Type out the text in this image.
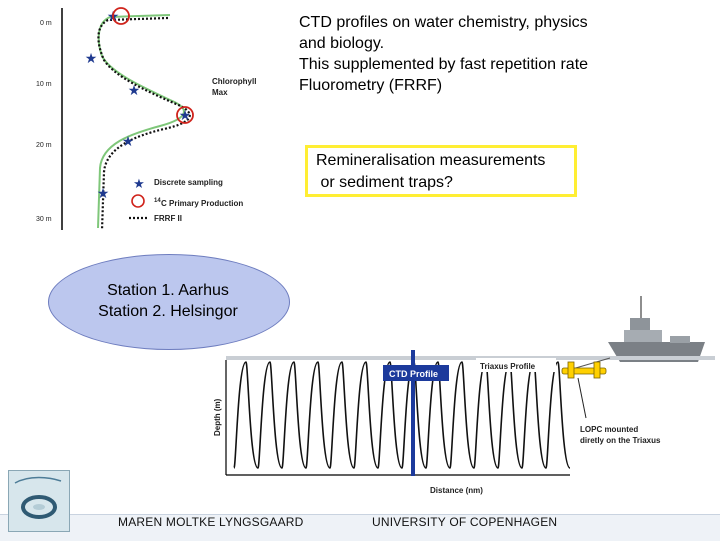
CTD profiles on water chemistry, physics
and biology.
This supplemented by fast repetition rate
Fluorometry (FRRF)
Remineralisation measurements
or sediment traps?
Station 1. Aarhus
Station 2. Helsingor
0 m
10 m
20 m
30 m
★
★
★
★
★
★
Chlorophyll
Max
★ Discrete sampling
14 C Primary Production
FRRF II
Depth (m)
Distance (nm)
CTD Profile
Triaxus Profile
LOPC mounted
diretly on the Triaxus
MAREN MOLTKE LYNGSGAARD	UNIVERSITY OF COPENHAGEN
